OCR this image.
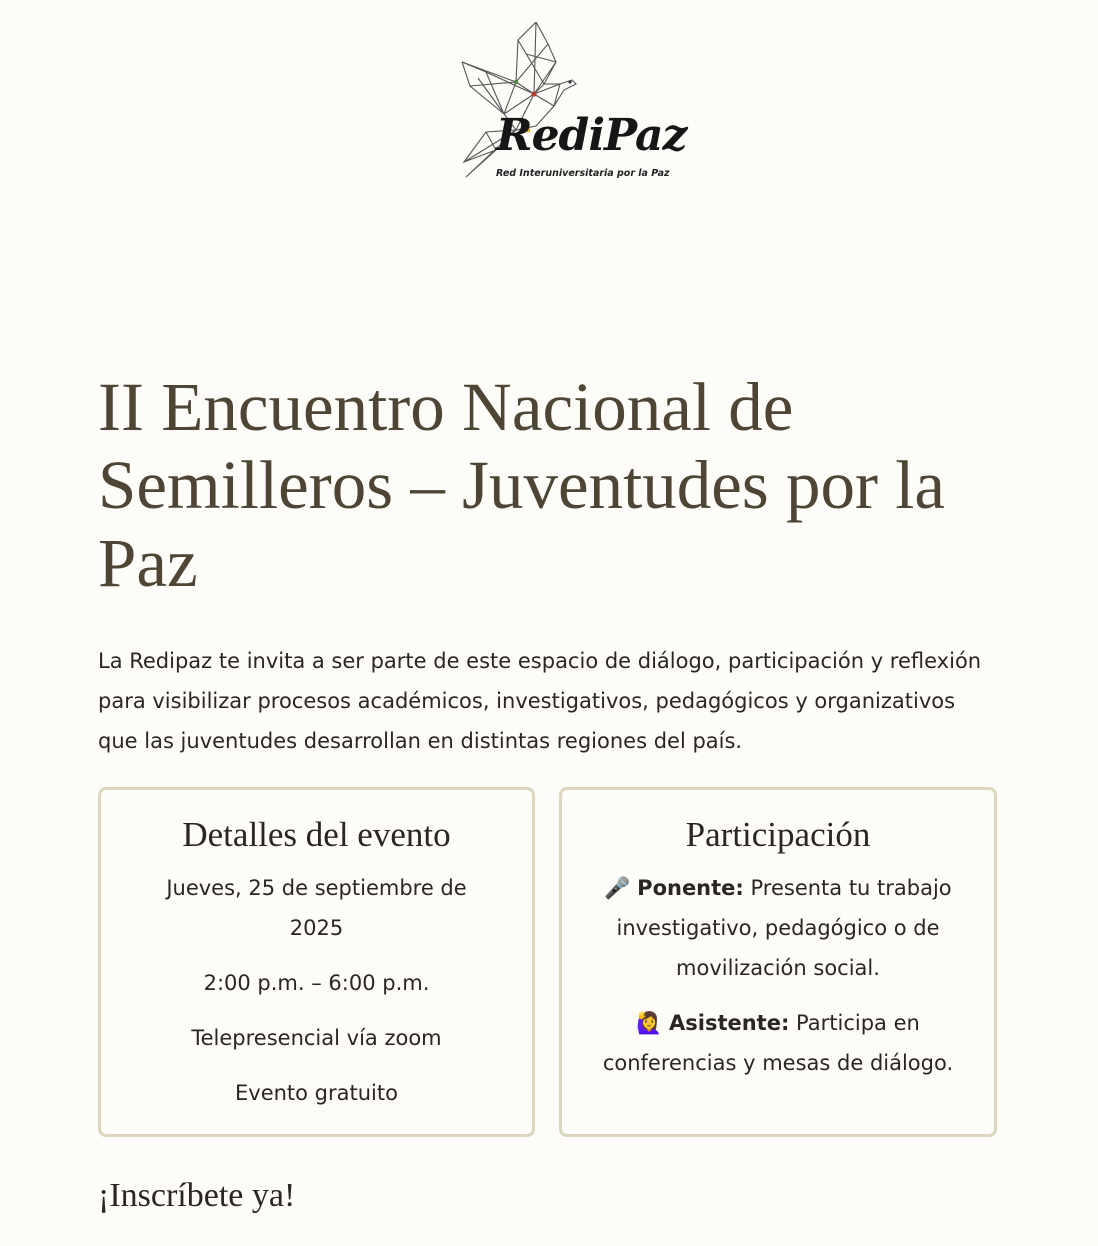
RediPaz
Red Interuniversitaria por la Paz
II Encuentro Nacional de Semilleros – Juventudes por la Paz

La Redipaz te invita a ser parte de este espacio de diálogo, participación y reflexión para visibilizar procesos académicos, investigativos, pedagógicos y organizativos que las juventudes desarrollan en distintas regiones del país.

Detalles del evento

Jueves, 25 de septiembre de 2025

2:00 p.m. – 6:00 p.m.

Telepresencial vía zoom

Evento gratuito

Participación

🎤 Ponente: Presenta tu trabajo investigativo, pedagógico o de movilización social.

🙋‍♀️ Asistente: Participa en conferencias y mesas de diálogo.

¡Inscríbete ya!
